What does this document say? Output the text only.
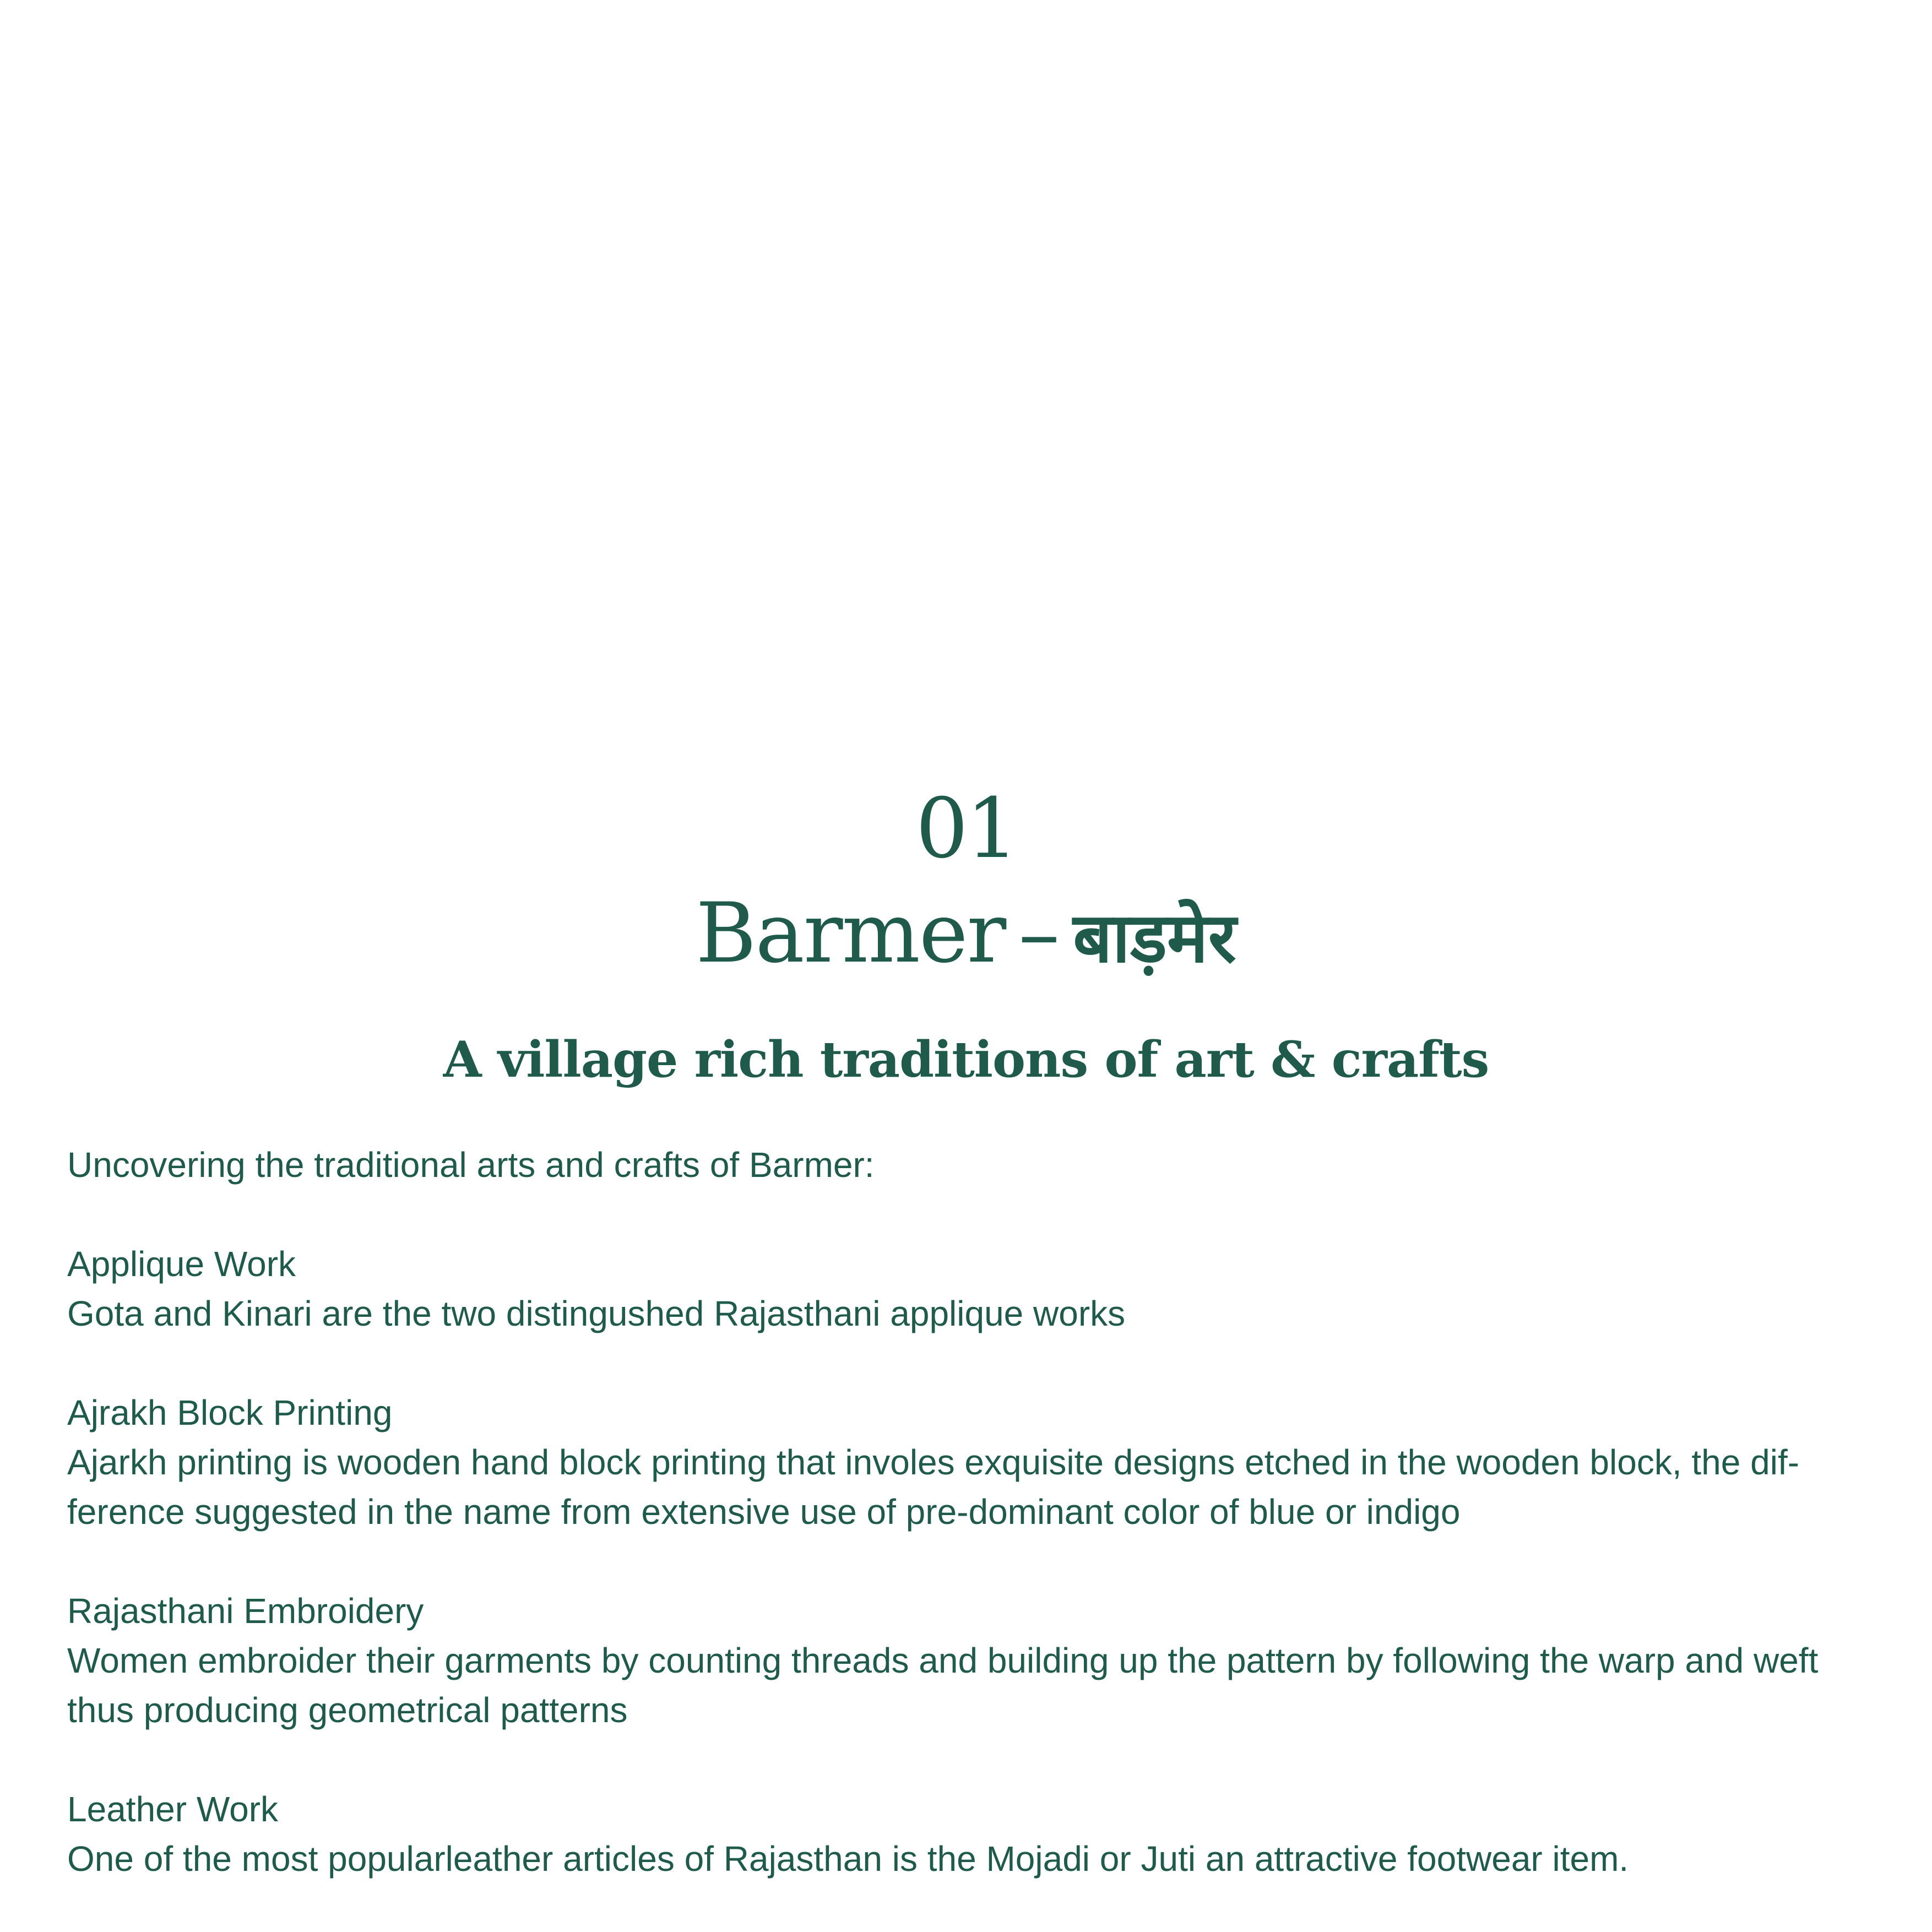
01

Barmer – बाड़मेर
A village rich traditions of art & crafts

Uncovering the traditional arts and crafts of Barmer:

Applique Work
Gota and Kinari are the two distingushed Rajasthani applique works
Ajrakh Block Printing
Ajarkh printing is wooden hand block printing that involes exquisite designs etched in the wooden block, the dif-ference suggested in the name from extensive use of pre-dominant color of blue or indigo
Rajasthani Embroidery
Women embroider their garments by counting threads and building up the pattern by following the warp and weft thus producing geometrical patterns
Leather Work
One of the most popularleather articles of Rajasthan is the Mojadi or Juti an attractive footwear item.
